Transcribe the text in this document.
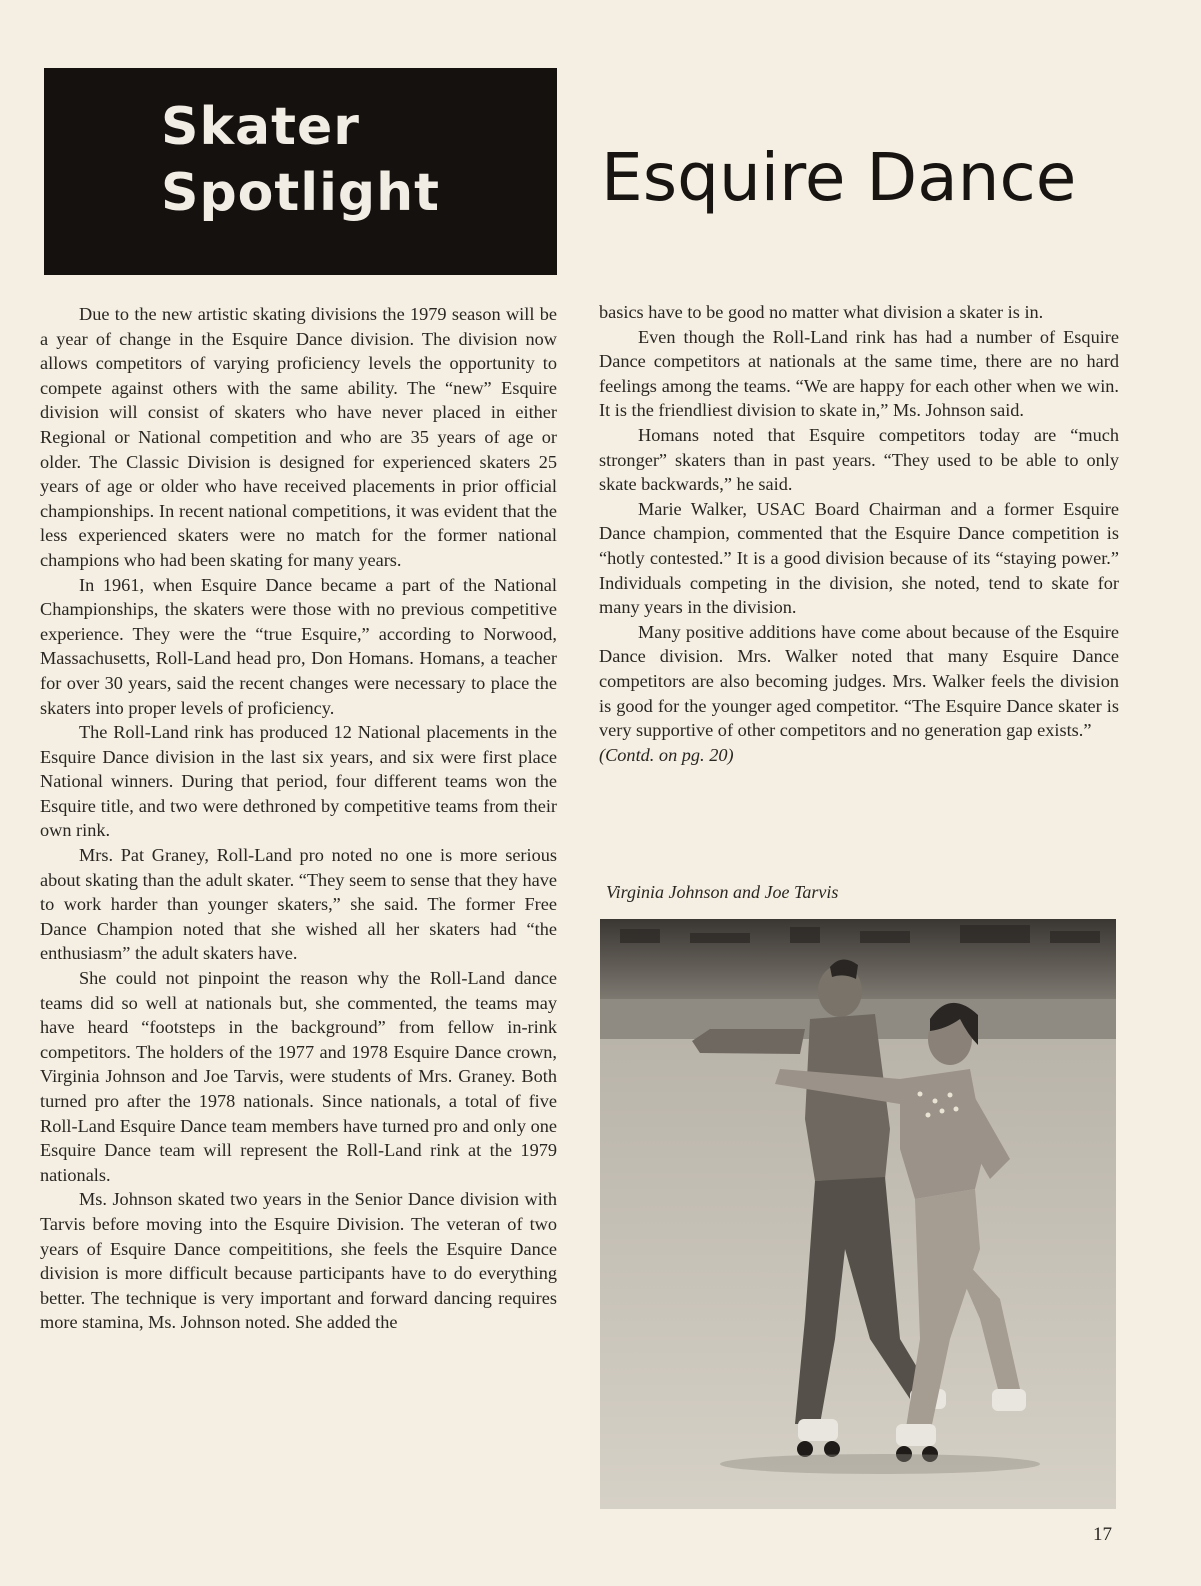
Skater
Spotlight	Esquire Dance

Due to the new artistic skating divisions the 1979 season will be a year of change in the Esquire Dance division. The division now allows competitors of varying proficiency levels the opportunity to compete against others with the same ability. The “new” Esquire division will consist of skaters who have never placed in either Regional or National competition and who are 35 years of age or older. The Classic Division is designed for experienced skaters 25 years of age or older who have received placements in prior official championships. In recent national competitions, it was evident that the less experienced skaters were no match for the former national champions who had been skating for many years.

In 1961, when Esquire Dance became a part of the National Championships, the skaters were those with no previous competitive experience. They were the “true Esquire,” according to Norwood, Massachusetts, Roll-Land head pro, Don Homans. Homans, a teacher for over 30 years, said the recent changes were necessary to place the skaters into proper levels of proficiency.

The Roll-Land rink has produced 12 National placements in the Esquire Dance division in the last six years, and six were first place National winners. During that period, four different teams won the Esquire title, and two were dethroned by competitive teams from their own rink.

Mrs. Pat Graney, Roll-Land pro noted no one is more serious about skating than the adult skater. “They seem to sense that they have to work harder than younger skaters,” she said. The former Free Dance Champion noted that she wished all her skaters had “the enthusiasm” the adult skaters have.

She could not pinpoint the reason why the Roll-Land dance teams did so well at nationals but, she commented, the teams may have heard “footsteps in the background” from fellow in-rink competitors. The holders of the 1977 and 1978 Esquire Dance crown, Virginia Johnson and Joe Tarvis, were students of Mrs. Graney. Both turned pro after the 1978 nationals. Since nationals, a total of five Roll-Land Esquire Dance team members have turned pro and only one Esquire Dance team will represent the Roll-Land rink at the 1979 nationals.

Ms. Johnson skated two years in the Senior Dance division with Tarvis before moving into the Esquire Division. The veteran of two years of Esquire Dance compeititions, she feels the Esquire Dance division is more difficult because participants have to do everything better. The technique is very important and forward dancing requires more stamina, Ms. Johnson noted. She added the

basics have to be good no matter what division a skater is in.

Even though the Roll-Land rink has had a number of Esquire Dance competitors at nationals at the same time, there are no hard feelings among the teams. “We are happy for each other when we win. It is the friendliest division to skate in,” Ms. Johnson said.

Homans noted that Esquire competitors today are “much stronger” skaters than in past years. “They used to be able to only skate backwards,” he said.

Marie Walker, USAC Board Chairman and a former Esquire Dance champion, commented that the Esquire Dance competition is “hotly contested.” It is a good division because of its “staying power.” Individuals competing in the division, she noted, tend to skate for many years in the division.

Many positive additions have come about because of the Esquire Dance division. Mrs. Walker noted that many Esquire Dance competitors are also becoming judges. Mrs. Walker feels the division is good for the younger aged competitor. “The Esquire Dance skater is very supportive of other competitors and no generation gap exists.”

(Contd. on pg. 20)

Virginia Johnson and Joe Tarvis
17
